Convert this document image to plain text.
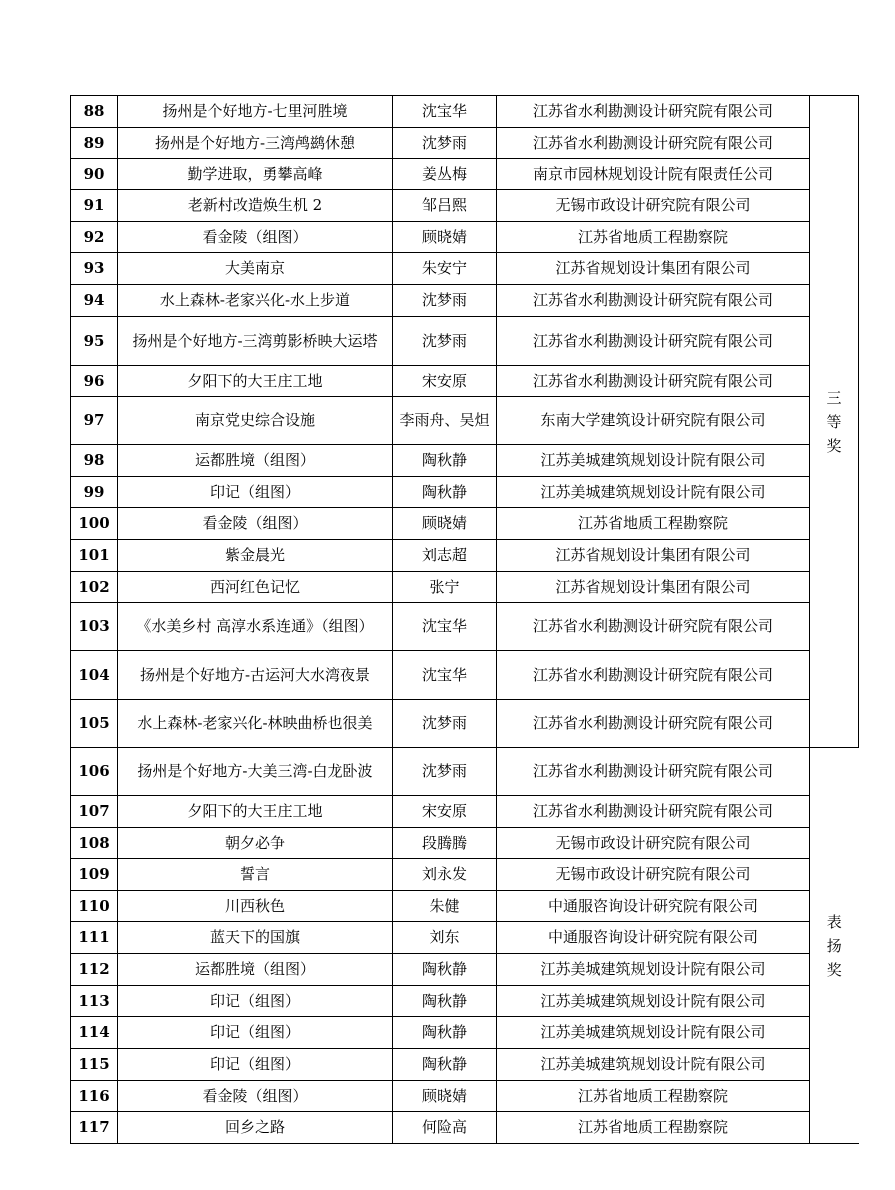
88	扬州是个好地方-七里河胜境	沈宝华	江苏省水利勘测设计研究院有限公司	三等奖

89	扬州是个好地方-三湾鸬鹚休憩	沈梦雨	江苏省水利勘测设计研究院有限公司	
90	勤学进取，勇攀高峰	姜丛梅	南京市园林规划设计院有限责任公司	
91	老新村改造焕生机 2	邹吕熙	无锡市政设计研究院有限公司	
92	看金陵（组图）	顾晓婧	江苏省地质工程勘察院	
93	大美南京	朱安宁	江苏省规划设计集团有限公司	
94	水上森林-老家兴化-水上步道	沈梦雨	江苏省水利勘测设计研究院有限公司	
95	扬州是个好地方-三湾剪影桥映大运塔	沈梦雨	江苏省水利勘测设计研究院有限公司	
96	夕阳下的大王庄工地	宋安原	江苏省水利勘测设计研究院有限公司	
97	南京党史综合设施	李雨舟、吴炟	东南大学建筑设计研究院有限公司	
98	运都胜境（组图）	陶秋静	江苏美城建筑规划设计院有限公司	
99	印记（组图）	陶秋静	江苏美城建筑规划设计院有限公司	
100	看金陵（组图）	顾晓婧	江苏省地质工程勘察院	
101	紫金晨光	刘志超	江苏省规划设计集团有限公司	
102	西河红色记忆	张宁	江苏省规划设计集团有限公司	
103	《水美乡村 高淳水系连通》（组图）	沈宝华	江苏省水利勘测设计研究院有限公司	
104	扬州是个好地方-古运河大水湾夜景	沈宝华	江苏省水利勘测设计研究院有限公司	
105	水上森林-老家兴化-林映曲桥也很美	沈梦雨	江苏省水利勘测设计研究院有限公司	
106	扬州是个好地方-大美三湾-白龙卧波	沈梦雨	江苏省水利勘测设计研究院有限公司	表扬奖

107	夕阳下的大王庄工地	宋安原	江苏省水利勘测设计研究院有限公司	
108	朝夕必争	段腾腾	无锡市政设计研究院有限公司	
109	誓言	刘永发	无锡市政设计研究院有限公司	
110	川西秋色	朱健	中通服咨询设计研究院有限公司	
111	蓝天下的国旗	刘东	中通服咨询设计研究院有限公司	
112	运都胜境（组图）	陶秋静	江苏美城建筑规划设计院有限公司	
113	印记（组图）	陶秋静	江苏美城建筑规划设计院有限公司	
114	印记（组图）	陶秋静	江苏美城建筑规划设计院有限公司	
115	印记（组图）	陶秋静	江苏美城建筑规划设计院有限公司	
116	看金陵（组图）	顾晓婧	江苏省地质工程勘察院	
117	回乡之路	何险高	江苏省地质工程勘察院	
